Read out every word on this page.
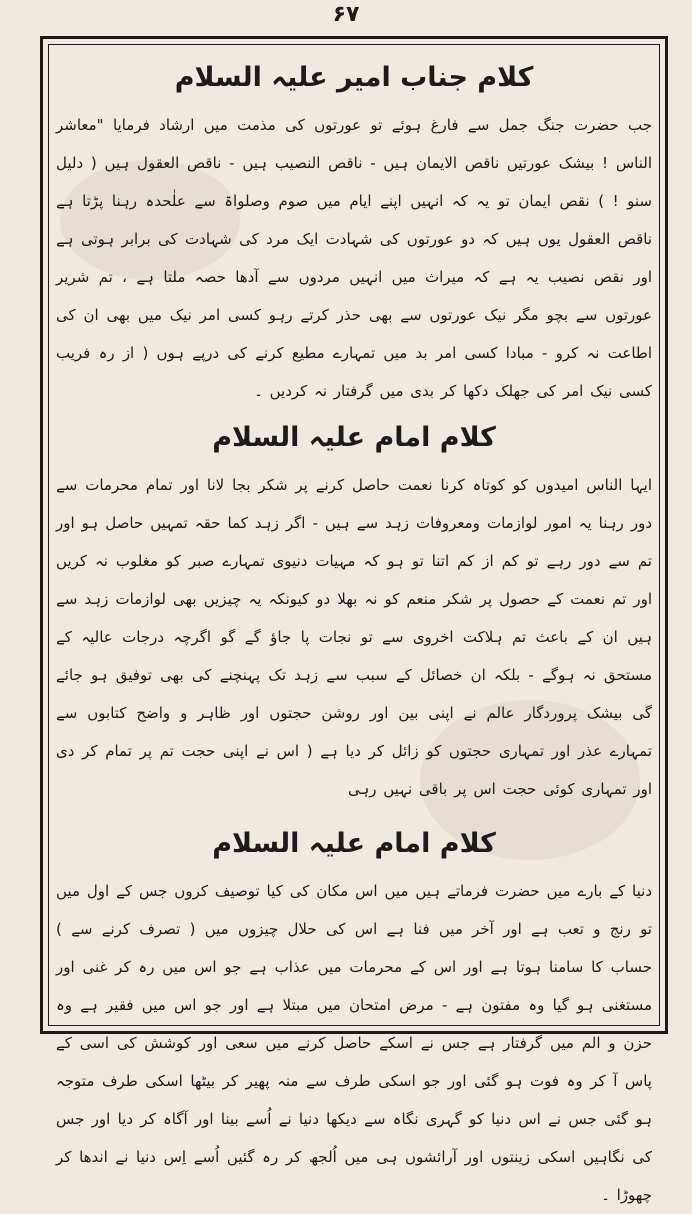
۶۷
کلام جناب امیر علیہ السلام

جب حضرت جنگ جمل سے فارغ ہوئے تو عورتوں کی مذمت میں ارشاد فرمایا "معاشر الناس ! بیشک عورتیں ناقص الایمان ہیں - ناقص النصیب ہیں - ناقص العقول ہیں ( دلیل سنو ! ) نقص ایمان تو یہ کہ انہیں اپنے ایام میں صوم وصلواۃ سے علٰحدہ رہنا پڑتا ہے ناقص العقول یوں ہیں کہ دو عورتوں کی شہادت ایک مرد کی شہادت کی برابر ہوتی ہے اور نقص نصیب یہ ہے کہ میراث میں انہیں مردوں سے آدھا حصہ ملتا ہے ، تم شریر عورتوں سے بچو مگر نیک عورتوں سے بھی حذر کرتے رہو کسی امر نیک میں بھی ان کی اطاعت نہ کرو - مبادا کسی امر بد میں تمہارے مطیع کرنے کی درپے ہوں ( از رہ فریب کسی نیک امر کی جھلک دکھا کر بدی میں گرفتار نہ کردیں ۔

کلام امام علیہ السلام

ایہا الناس امیدوں کو کوتاہ کرنا نعمت حاصل کرنے پر شکر بجا لانا اور تمام محرمات سے دور رہنا یہ امور لوازمات ومعروفات زہد سے ہیں - اگر زہد کما حقہ تمہیں حاصل ہو اور تم سے دور رہے تو کم از کم اتنا تو ہو کہ مہیات دنیوی تمہارے صبر کو مغلوب نہ کریں اور تم نعمت کے حصول پر شکر منعم کو نہ بھلا دو کیونکہ یہ چیزیں بھی لوازمات زہد سے ہیں ان کے باعث تم ہلاکت اخروی سے تو نجات پا جاؤ گے گو اگرچہ درجات عالیہ کے مستحق نہ ہوگے - بلکہ ان خصائل کے سبب سے زہد تک پہنچنے کی بھی توفیق ہو جائے گی بیشک پروردگار عالم نے اپنی بین اور روشن حجتوں اور ظاہر و واضح کتابوں سے تمہارے عذر اور تمہاری حجتوں کو زائل کر دیا ہے ( اس نے اپنی حجت تم پر تمام کر دی اور تمہاری کوئی حجت اس پر باقی نہیں رہی

کلام امام علیہ السلام

دنیا کے بارے میں حضرت فرماتے ہیں میں اس مکان کی کیا توصیف کروں جس کے اول میں تو رنج و تعب ہے اور آخر میں فنا ہے اس کی حلال چیزوں میں ( تصرف کرنے سے ) حساب کا سامنا ہوتا ہے اور اس کے محرمات میں عذاب ہے جو اس میں رہ کر غنی اور مستغنی ہو گیا وہ مفتون ہے - مرض امتحان میں مبتلا ہے اور جو اس میں فقیر ہے وہ حزن و الم میں گرفتار ہے جس نے اسکے حاصل کرنے میں سعی اور کوشش کی اسی کے پاس آ کر وہ فوت ہو گئی اور جو اسکی طرف سے منہ پھیر کر بیٹھا اسکی طرف متوجہ ہو گئی جس نے اس دنیا کو گہری نگاہ سے دیکھا دنیا نے اُسے بینا اور آگاہ کر دیا اور جس کی نگاہیں اسکی زینتوں اور آرائشوں ہی میں اُلجھ کر رہ گئیں اُسے اِس دنیا نے اندھا کر چھوڑا ۔
